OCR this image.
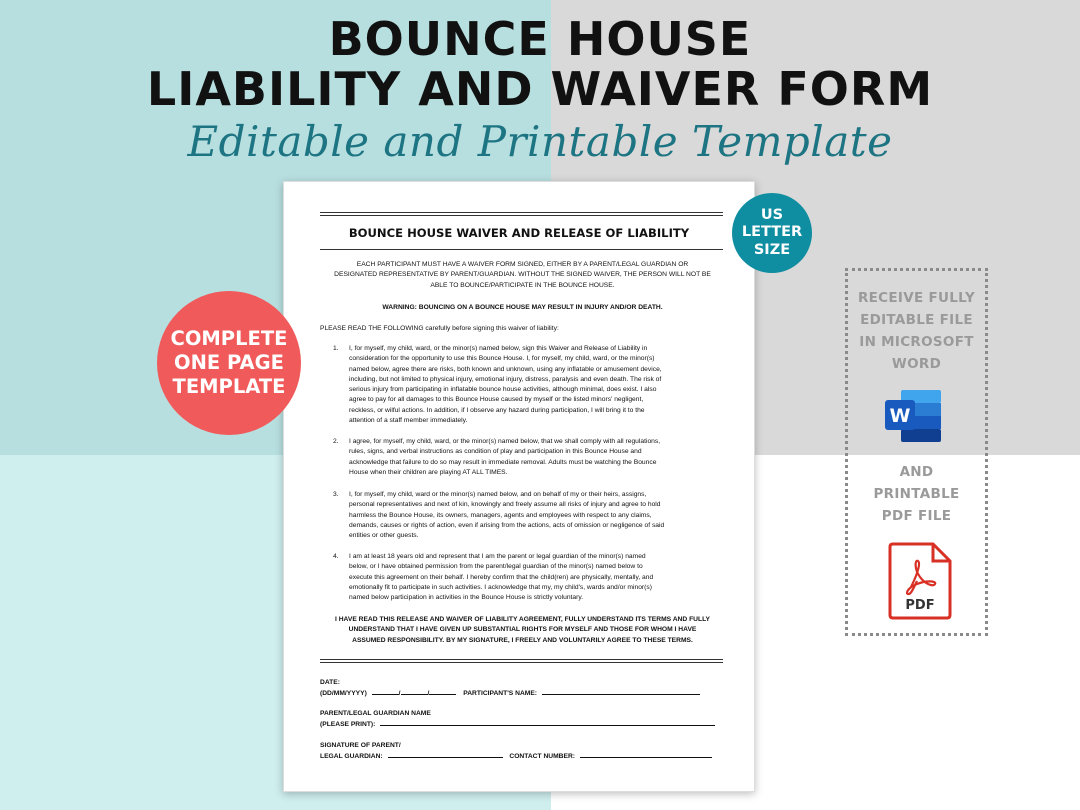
BOUNCE HOUSE
LIABILITY AND WAIVER FORM
Editable and Printable Template
BOUNCE HOUSE WAIVER AND RELEASE OF LIABILITY
EACH PARTICIPANT MUST HAVE A WAIVER FORM SIGNED, EITHER BY A PARENT/LEGAL GUARDIAN OR
DESIGNATED REPRESENTATIVE BY PARENT/GUARDIAN. WITHOUT THE SIGNED WAIVER, THE PERSON WILL NOT BE
ABLE TO BOUNCE/PARTICIPATE IN THE BOUNCE HOUSE.
WARNING: BOUNCING ON A BOUNCE HOUSE MAY RESULT IN INJURY AND/OR DEATH.
PLEASE READ THE FOLLOWING carefully before signing this waiver of liability:
1. I, for myself, my child, ward, or the minor(s) named below, sign this Waiver and Release of Liability in
consideration for the opportunity to use this Bounce House. I, for myself, my child, ward, or the minor(s)
named below, agree there are risks, both known and unknown, using any inflatable or amusement device,
including, but not limited to physical injury, emotional injury, distress, paralysis and even death. The risk of
serious injury from participating in inflatable bounce house activities, although minimal, does exist. I also
agree to pay for all damages to this Bounce House caused by myself or the listed minors' negligent,
reckless, or wilful actions. In addition, if I observe any hazard during participation, I will bring it to the
attention of a staff member immediately.
2. I agree, for myself, my child, ward, or the minor(s) named below, that we shall comply with all regulations,
rules, signs, and verbal instructions as condition of play and participation in this Bounce House and
acknowledge that failure to do so may result in immediate removal. Adults must be watching the Bounce
House when their children are playing AT ALL TIMES.
3. I, for myself, my child, ward or the minor(s) named below, and on behalf of my or their heirs, assigns,
personal representatives and next of kin, knowingly and freely assume all risks of injury and agree to hold
harmless the Bounce House, its owners, managers, agents and employees with respect to any claims,
demands, causes or rights of action, even if arising from the actions, acts of omission or negligence of said
entities or other guests.
4. I am at least 18 years old and represent that I am the parent or legal guardian of the minor(s) named
below, or I have obtained permission from the parent/legal guardian of the minor(s) named below to
execute this agreement on their behalf. I hereby confirm that the child(ren) are physically, mentally, and
emotionally fit to participate in such activities. I acknowledge that my, my child's, wards and/or minor(s)
named below participation in activities in the Bounce House is strictly voluntary.
I HAVE READ THIS RELEASE AND WAIVER OF LIABILITY AGREEMENT, FULLY UNDERSTAND ITS TERMS AND FULLY
UNDERSTAND THAT I HAVE GIVEN UP SUBSTANTIAL RIGHTS FOR MYSELF AND THOSE FOR WHOM I HAVE
ASSUMED RESPONSIBILITY. BY MY SIGNATURE, I FREELY AND VOLUNTARILY AGREE TO THESE TERMS.
DATE:
(DD/MM/YYYY)	/	/	PARTICIPANT'S NAME:
PARENT/LEGAL GUARDIAN NAME
(PLEASE PRINT):
SIGNATURE OF PARENT/
LEGAL GUARDIAN:	CONTACT NUMBER:
COMPLETE
ONE PAGE
TEMPLATE
US
LETTER
SIZE
RECEIVE FULLY
EDITABLE FILE
IN MICROSOFT
WORD
W
AND
PRINTABLE
PDF FILE
PDF
